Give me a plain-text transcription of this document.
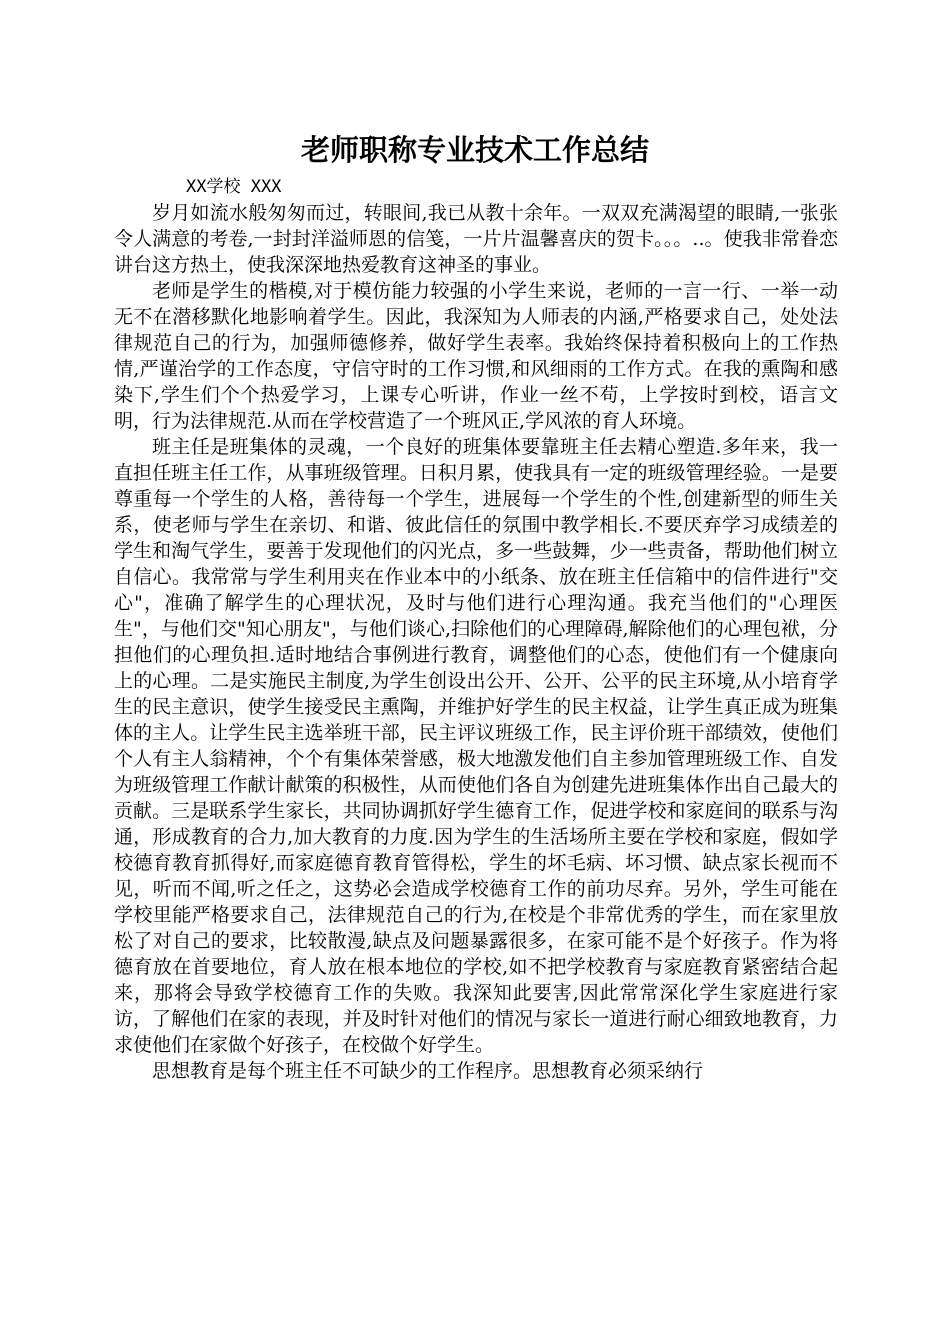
老师职称专业技术工作总结
XX学校 XXX

岁月如流水般匆匆而过，转眼间,我已从教十余年。一双双充满渴望的眼睛,一张张令人满意的考卷,一封封洋溢师恩的信笺，一片片温馨喜庆的贺卡。。。..。使我非常眷恋讲台这方热土，使我深深地热爱教育这神圣的事业。

老师是学生的楷模,对于模仿能力较强的小学生来说，老师的一言一行、一举一动无不在潜移默化地影响着学生。因此，我深知为人师表的内涵,严格要求自己，处处法律规范自己的行为，加强师德修养，做好学生表率。我始终保持着积极向上的工作热情,严谨治学的工作态度，守信守时的工作习惯,和风细雨的工作方式。在我的熏陶和感染下,学生们个个热爱学习，上课专心听讲，作业一丝不苟，上学按时到校，语言文明，行为法律规范.从而在学校营造了一个班风正,学风浓的育人环境。

班主任是班集体的灵魂，一个良好的班集体要靠班主任去精心塑造.多年来，我一直担任班主任工作，从事班级管理。日积月累，使我具有一定的班级管理经验。一是要尊重每一个学生的人格，善待每一个学生，进展每一个学生的个性,创建新型的师生关系，使老师与学生在亲切、和谐、彼此信任的氛围中教学相长.不要厌弃学习成绩差的学生和淘气学生，要善于发现他们的闪光点，多一些鼓舞，少一些责备，帮助他们树立自信心。我常常与学生利用夹在作业本中的小纸条、放在班主任信箱中的信件进行"交心"，准确了解学生的心理状况，及时与他们进行心理沟通。我充当他们的"心理医生"，与他们交"知心朋友"，与他们谈心,扫除他们的心理障碍,解除他们的心理包袱，分担他们的心理负担.适时地结合事例进行教育，调整他们的心态，使他们有一个健康向上的心理。二是实施民主制度,为学生创设出公开、公开、公平的民主环境,从小培育学生的民主意识，使学生接受民主熏陶，并维护好学生的民主权益，让学生真正成为班集体的主人。让学生民主选举班干部，民主评议班级工作，民主评价班干部绩效，使他们个人有主人翁精神，个个有集体荣誉感，极大地激发他们自主参加管理班级工作、自发为班级管理工作献计献策的积极性，从而使他们各自为创建先进班集体作出自己最大的贡献。三是联系学生家长，共同协调抓好学生德育工作，促进学校和家庭间的联系与沟通，形成教育的合力,加大教育的力度.因为学生的生活场所主要在学校和家庭，假如学校德育教育抓得好,而家庭德育教育管得松，学生的坏毛病、坏习惯、缺点家长视而不见，听而不闻,听之任之，这势必会造成学校德育工作的前功尽弃。另外，学生可能在学校里能严格要求自己，法律规范自己的行为,在校是个非常优秀的学生，而在家里放松了对自己的要求，比较散漫,缺点及问题暴露很多，在家可能不是个好孩子。作为将德育放在首要地位，育人放在根本地位的学校,如不把学校教育与家庭教育紧密结合起来，那将会导致学校德育工作的失败。我深知此要害,因此常常深化学生家庭进行家访，了解他们在家的表现，并及时针对他们的情况与家长一道进行耐心细致地教育，力求使他们在家做个好孩子，在校做个好学生。

思想教育是每个班主任不可缺少的工作程序。思想教育必须采纳行
